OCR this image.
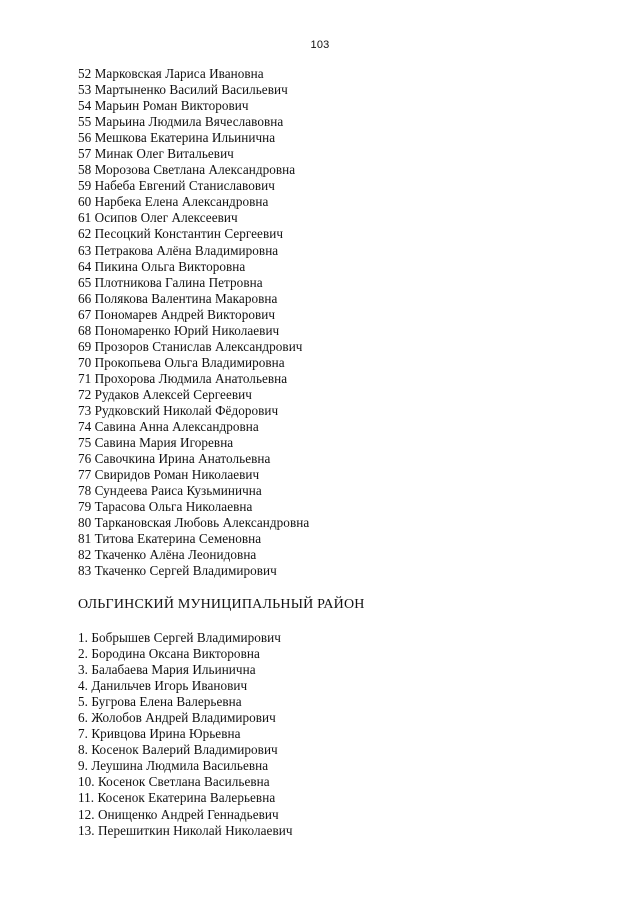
103
52 Марковская Лариса Ивановна
53 Мартыненко Василий Васильевич
54 Марьин Роман Викторович
55 Марьина Людмила Вячеславовна
56 Мешкова Екатерина Ильинична
57 Минак Олег Витальевич
58 Морозова Светлана Александровна
59 Набеба Евгений Станиславович
60 Нарбека Елена Александровна
61 Осипов Олег Алексеевич
62 Песоцкий Константин Сергеевич
63 Петракова Алёна Владимировна
64 Пикина Ольга Викторовна
65 Плотникова Галина Петровна
66 Полякова Валентина Макаровна
67 Пономарев Андрей Викторович
68 Пономаренко Юрий Николаевич
69 Прозоров Станислав Александрович
70 Прокопьева Ольга Владимировна
71 Прохорова Людмила Анатольевна
72 Рудаков Алексей Сергеевич
73 Рудковский Николай Фёдорович
74 Савина Анна Александровна
75 Савина Мария Игоревна
76 Савочкина Ирина Анатольевна
77 Свиридов Роман Николаевич
78 Сундеева Раиса Кузьминична
79 Тарасова Ольга Николаевна
80 Таркановская Любовь Александровна
81 Титова Екатерина Семеновна
82 Ткаченко Алёна Леонидовна
83 Ткаченко Сергей Владимирович
ОЛЬГИНСКИЙ МУНИЦИПАЛЬНЫЙ РАЙОН
1. Бобрышев Сергей Владимирович
2. Бородина Оксана Викторовна
3. Балабаева Мария Ильинична
4. Данильчев Игорь Иванович
5. Бугрова Елена Валерьевна
6. Жолобов Андрей Владимирович
7. Кривцова Ирина Юрьевна
8. Косенок Валерий Владимирович
9. Леушина Людмила Васильевна
10. Косенок Светлана Васильевна
11. Косенок Екатерина Валерьевна
12. Онищенко Андрей Геннадьевич
13. Перешиткин Николай Николаевич
